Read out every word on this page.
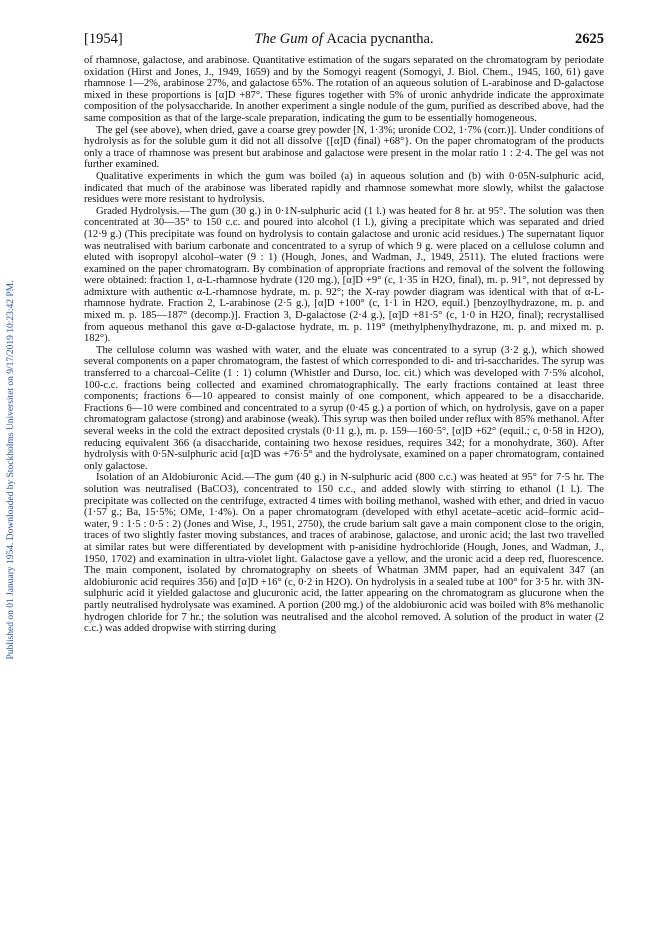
[1954]	The Gum of Acacia pycnantha.	2625
Published on 01 January 1954. Downloaded by Stockholms Universitet on 9/17/2019 10:23:42 PM.

of rhamnose, galactose, and arabinose. Quantitative estimation of the sugars separated on the chromatogram by periodate oxidation (Hirst and Jones, J., 1949, 1659) and by the Somogyi reagent (Somogyi, J. Biol. Chem., 1945, 160, 61) gave rhamnose 1—2%, arabinose 27%, and galactose 65%. The rotation of an aqueous solution of L-arabinose and D-galactose mixed in these proportions is [α]D +87°. These figures together with 5% of uronic anhydride indicate the approximate composition of the polysaccharide. In another experiment a single nodule of the gum, purified as described above, had the same composition as that of the large-scale preparation, indicating the gum to be essentially homogeneous.

The gel (see above), when dried, gave a coarse grey powder [N, 1·3%; uronide CO2, 1·7% (corr.)]. Under conditions of hydrolysis as for the soluble gum it did not all dissolve {[α]D (final) +68°}. On the paper chromatogram of the products only a trace of rhamnose was present but arabinose and galactose were present in the molar ratio 1 : 2·4. The gel was not further examined.

Qualitative experiments in which the gum was boiled (a) in aqueous solution and (b) with 0·05N-sulphuric acid, indicated that much of the arabinose was liberated rapidly and rhamnose somewhat more slowly, whilst the galactose residues were more resistant to hydrolysis.

Graded Hydrolysis.—The gum (30 g.) in 0·1N-sulphuric acid (1 l.) was heated for 8 hr. at 95°. The solution was then concentrated at 30—35° to 150 c.c. and poured into alcohol (1 l.), giving a precipitate which was separated and dried (12·9 g.) (This precipitate was found on hydrolysis to contain galactose and uronic acid residues.) The supernatant liquor was neutralised with barium carbonate and concentrated to a syrup of which 9 g. were placed on a cellulose column and eluted with isopropyl alcohol–water (9 : 1) (Hough, Jones, and Wadman, J., 1949, 2511). The eluted fractions were examined on the paper chromatogram. By combination of appropriate fractions and removal of the solvent the following were obtained: fraction 1, α-L-rhamnose hydrate (120 mg.), [α]D +9° (c, 1·35 in H2O, final), m. p. 91°, not depressed by admixture with authentic α-L-rhamnose hydrate, m. p. 92°; the X-ray powder diagram was identical with that of α-L-rhamnose hydrate. Fraction 2, L-arabinose (2·5 g.), [α]D +100° (c, 1·1 in H2O, equil.) [benzoylhydrazone, m. p. and mixed m. p. 185—187° (decomp.)]. Fraction 3, D-galactose (2·4 g.), [α]D +81·5° (c, 1·0 in H2O, final); recrystallised from aqueous methanol this gave α-D-galactose hydrate, m. p. 119° (methylphenylhydrazone, m. p. and mixed m. p. 182°).

The cellulose column was washed with water, and the eluate was concentrated to a syrup (3·2 g.), which showed several components on a paper chromatogram, the fastest of which corresponded to di- and tri-saccharides. The syrup was transferred to a charcoal–Celite (1 : 1) column (Whistler and Durso, loc. cit.) which was developed with 7·5% alcohol, 100-c.c. fractions being collected and examined chromatographically. The early fractions contained at least three components; fractions 6—10 appeared to consist mainly of one component, which appeared to be a disaccharide. Fractions 6—10 were combined and concentrated to a syrup (0·45 g.) a portion of which, on hydrolysis, gave on a paper chromatogram galactose (strong) and arabinose (weak). This syrup was then boiled under reflux with 85% methanol. After several weeks in the cold the extract deposited crystals (0·11 g.), m. p. 159—160·5°, [α]D +62° (equil.; c, 0·58 in H2O), reducing equivalent 366 (a disaccharide, containing two hexose residues, requires 342; for a monohydrate, 360). After hydrolysis with 0·5N-sulphuric acid [α]D was +76·5° and the hydrolysate, examined on a paper chromatogram, contained only galactose.

Isolation of an Aldobiuronic Acid.—The gum (40 g.) in N-sulphuric acid (800 c.c.) was heated at 95° for 7·5 hr. The solution was neutralised (BaCO3), concentrated to 150 c.c., and added slowly with stirring to ethanol (1 l.). The precipitate was collected on the centrifuge, extracted 4 times with boiling methanol, washed with ether, and dried in vacuo (1·57 g.; Ba, 15·5%; OMe, 1·4%). On a paper chromatogram (developed with ethyl acetate–acetic acid–formic acid–water, 9 : 1·5 : 0·5 : 2) (Jones and Wise, J., 1951, 2750), the crude barium salt gave a main component close to the origin, traces of two slightly faster moving substances, and traces of arabinose, galactose, and uronic acid; the last two travelled at similar rates but were differentiated by development with p-anisidine hydrochloride (Hough, Jones, and Wadman, J., 1950, 1702) and examination in ultra-violet light. Galactose gave a yellow, and the uronic acid a deep red, fluorescence. The main component, isolated by chromatography on sheets of Whatman 3MM paper, had an equivalent 347 (an aldobiuronic acid requires 356) and [α]D +16° (c, 0·2 in H2O). On hydrolysis in a sealed tube at 100° for 3·5 hr. with 3N-sulphuric acid it yielded galactose and glucuronic acid, the latter appearing on the chromatogram as glucurone when the partly neutralised hydrolysate was examined. A portion (200 mg.) of the aldobiuronic acid was boiled with 8% methanolic hydrogen chloride for 7 hr.; the solution was neutralised and the alcohol removed. A solution of the product in water (2 c.c.) was added dropwise with stirring during
